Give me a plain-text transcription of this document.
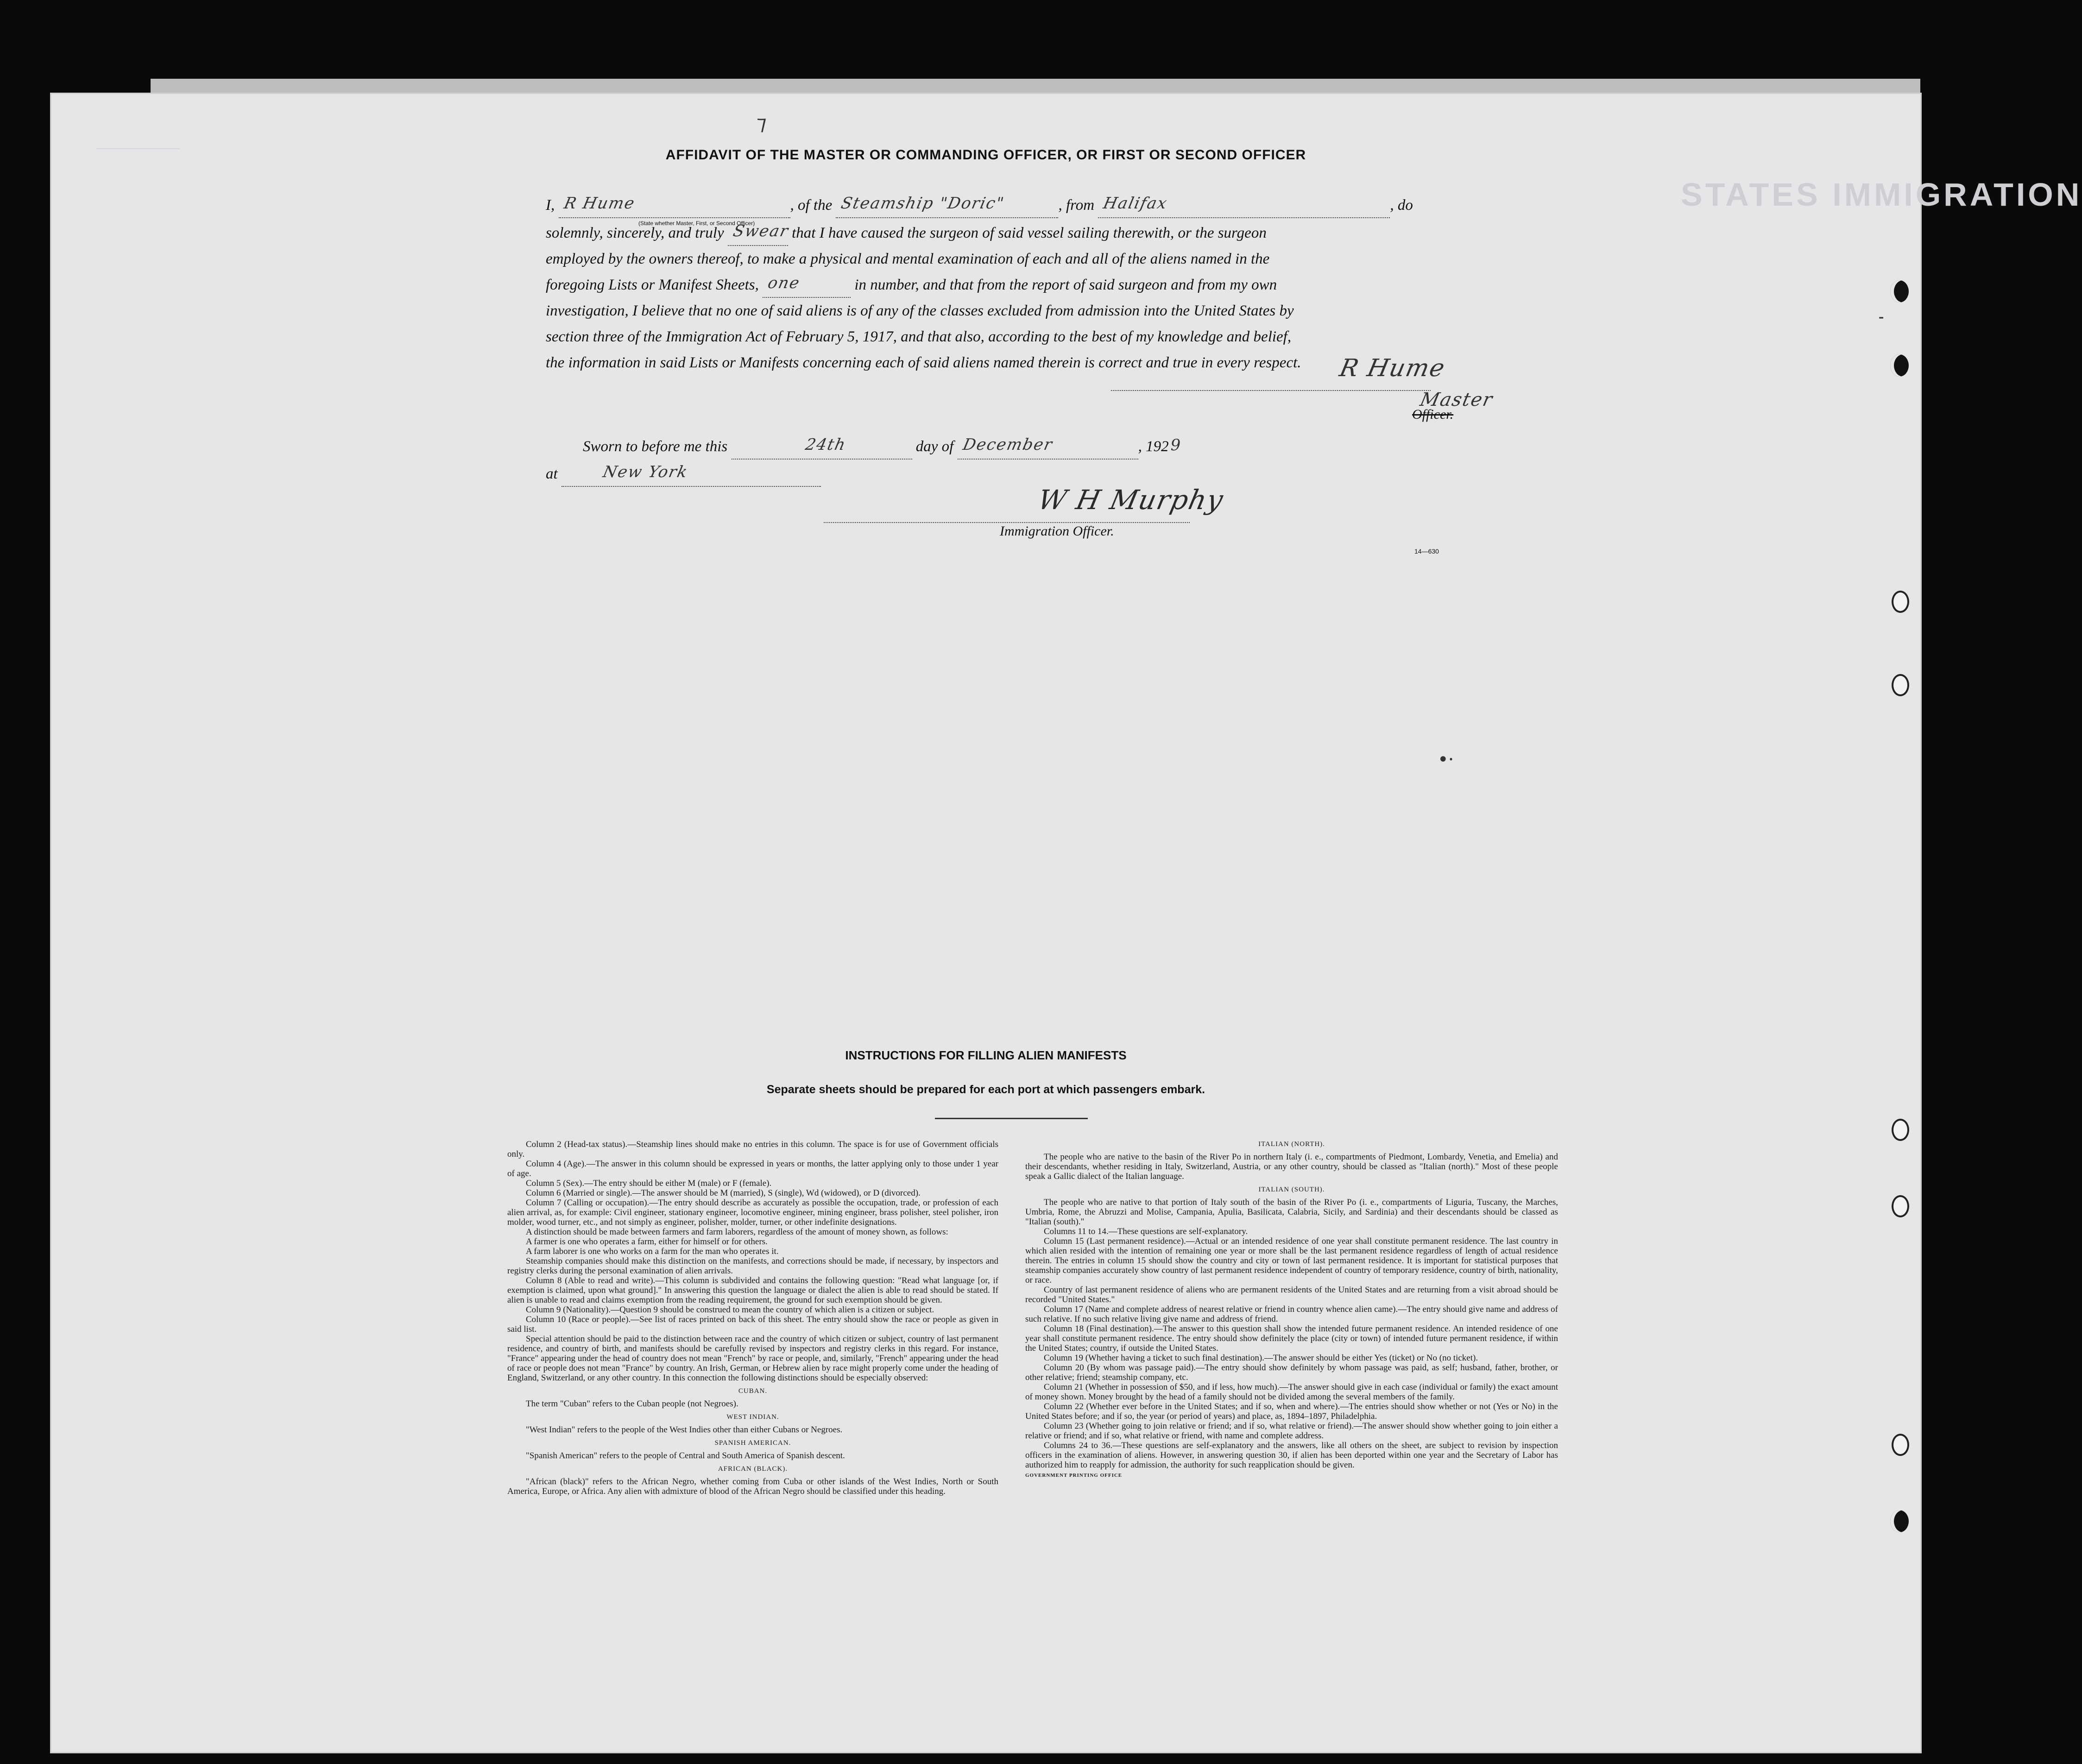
STATES IMMIGRATION
⁊
AFFIDAVIT OF THE MASTER OR COMMANDING OFFICER, OR FIRST OR SECOND OFFICER
I, R Hume	, of the Steamship "Doric"	, from Halifax	, do
(State whether Master, First, or Second Officer)
solemnly, sincerely, and truly Swear that I have caused the surgeon of said vessel sailing therewith, or the surgeon
employed by the owners thereof, to make a physical and mental examination of each and all of the aliens named in the
foregoing Lists or Manifest Sheets, one	in number, and that from the report of said surgeon and from my own
investigation, I believe that no one of said aliens is of any of the classes excluded from admission into the United States by
section three of the Immigration Act of February 5, 1917, and that also, according to the best of my knowledge and belief,
the information in said Lists or Manifests concerning each of said aliens named therein is correct and true in every respect.	R Hume
Master
Officer.
Sworn to before me this	24th	day of December	, 192 9
at	New York
W H Murphy
Immigration Officer.
14—630
•⸱
INSTRUCTIONS FOR FILLING ALIEN MANIFESTS
Separate sheets should be prepared for each port at which passengers embark.

Column 2 (Head-tax status).—Steamship lines should make no entries in this column. The space is for use of Government officials only.

Column 4 (Age).—The answer in this column should be expressed in years or months, the latter applying only to those under 1 year of age.

Column 5 (Sex).—The entry should be either M (male) or F (female).

Column 6 (Married or single).—The answer should be M (married), S (single), Wd (widowed), or D (divorced).

Column 7 (Calling or occupation).—The entry should describe as accurately as possible the occupation, trade, or profession of each alien arrival, as, for example: Civil engineer, stationary engineer, locomotive engineer, mining engineer, brass polisher, steel polisher, iron molder, wood turner, etc., and not simply as engineer, polisher, molder, turner, or other indefinite designations.

A distinction should be made between farmers and farm laborers, regardless of the amount of money shown, as follows:

A farmer is one who operates a farm, either for himself or for others.

A farm laborer is one who works on a farm for the man who operates it.

Steamship companies should make this distinction on the manifests, and corrections should be made, if necessary, by inspectors and registry clerks during the personal examination of alien arrivals.

Column 8 (Able to read and write).—This column is subdivided and contains the following question: "Read what language [or, if exemption is claimed, upon what ground]." In answering this question the language or dialect the alien is able to read should be stated. If alien is unable to read and claims exemption from the reading requirement, the ground for such exemption should be given.

Column 9 (Nationality).—Question 9 should be construed to mean the country of which alien is a citizen or subject.

Column 10 (Race or people).—See list of races printed on back of this sheet. The entry should show the race or people as given in said list.

Special attention should be paid to the distinction between race and the country of which citizen or subject, country of last permanent residence, and country of birth, and manifests should be carefully revised by inspectors and registry clerks in this regard. For instance, "France" appearing under the head of country does not mean "French" by race or people, and, similarly, "French" appearing under the head of race or people does not mean "France" by country. An Irish, German, or Hebrew alien by race might properly come under the heading of England, Switzerland, or any other country. In this connection the following distinctions should be especially observed:

CUBAN.

The term "Cuban" refers to the Cuban people (not Negroes).

WEST INDIAN.

"West Indian" refers to the people of the West Indies other than either Cubans or Negroes.

SPANISH AMERICAN.

"Spanish American" refers to the people of Central and South America of Spanish descent.

AFRICAN (BLACK).

"African (black)" refers to the African Negro, whether coming from Cuba or other islands of the West Indies, North or South America, Europe, or Africa. Any alien with admixture of blood of the African Negro should be classified under this heading.

ITALIAN (NORTH).

The people who are native to the basin of the River Po in northern Italy (i. e., compartments of Piedmont, Lombardy, Venetia, and Emelia) and their descendants, whether residing in Italy, Switzerland, Austria, or any other country, should be classed as "Italian (north)." Most of these people speak a Gallic dialect of the Italian language.

ITALIAN (SOUTH).

The people who are native to that portion of Italy south of the basin of the River Po (i. e., compartments of Liguria, Tuscany, the Marches, Umbria, Rome, the Abruzzi and Molise, Campania, Apulia, Basilicata, Calabria, Sicily, and Sardinia) and their descendants should be classed as "Italian (south)."

Columns 11 to 14.—These questions are self-explanatory.

Column 15 (Last permanent residence).—Actual or an intended residence of one year shall constitute permanent residence. The last country in which alien resided with the intention of remaining one year or more shall be the last permanent residence regardless of length of actual residence therein. The entries in column 15 should show the country and city or town of last permanent residence. It is important for statistical purposes that steamship companies accurately show country of last permanent residence independent of country of temporary residence, country of birth, nationality, or race.

Country of last permanent residence of aliens who are permanent residents of the United States and are returning from a visit abroad should be recorded "United States."

Column 17 (Name and complete address of nearest relative or friend in country whence alien came).—The entry should give name and address of such relative. If no such relative living give name and address of friend.

Column 18 (Final destination).—The answer to this question shall show the intended future permanent residence. An intended residence of one year shall constitute permanent residence. The entry should show definitely the place (city or town) of intended future permanent residence, if within the United States; country, if outside the United States.

Column 19 (Whether having a ticket to such final destination).—The answer should be either Yes (ticket) or No (no ticket).

Column 20 (By whom was passage paid).—The entry should show definitely by whom passage was paid, as self; husband, father, brother, or other relative; friend; steamship company, etc.

Column 21 (Whether in possession of $50, and if less, how much).—The answer should give in each case (individual or family) the exact amount of money shown. Money brought by the head of a family should not be divided among the several members of the family.

Column 22 (Whether ever before in the United States; and if so, when and where).—The entries should show whether or not (Yes or No) in the United States before; and if so, the year (or period of years) and place, as, 1894–1897, Philadelphia.

Column 23 (Whether going to join relative or friend; and if so, what relative or friend).—The answer should show whether going to join either a relative or friend; and if so, what relative or friend, with name and complete address.

Columns 24 to 36.—These questions are self-explanatory and the answers, like all others on the sheet, are subject to revision by inspection officers in the examination of aliens. However, in answering question 30, if alien has been deported within one year and the Secretary of Labor has authorized him to reapply for admission, the authority for such reapplication should be given.

GOVERNMENT PRINTING OFFICE

⁃
